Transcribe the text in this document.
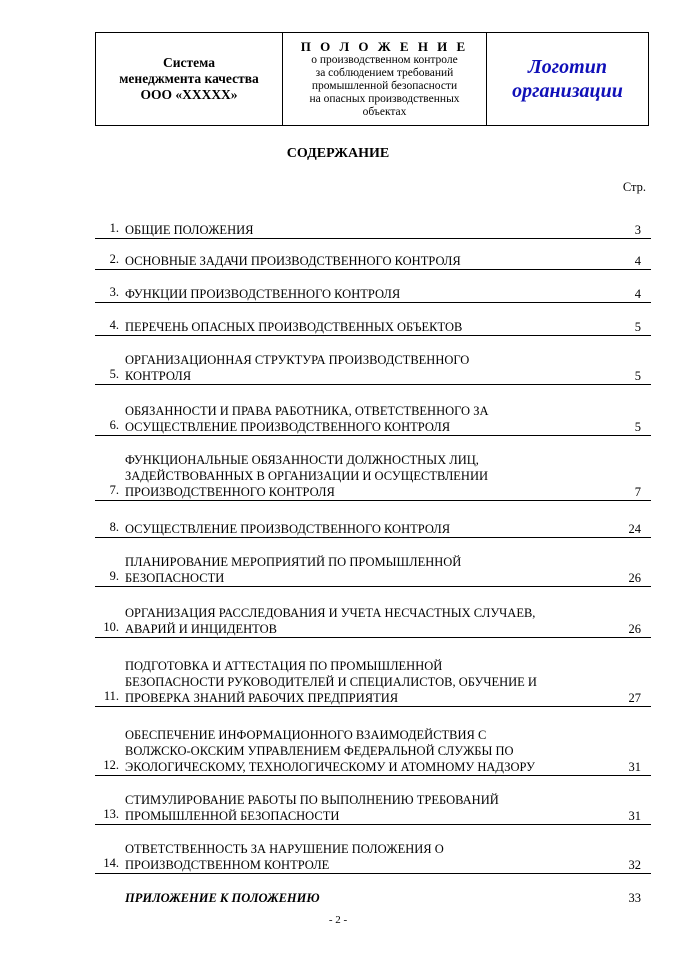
Система
менеджмента качества
ООО «ХХХХХ»
П О Л О Ж Е Н И Е
о производственном контроле
за соблюдением требований
промышленной безопасности
на опасных производственных
объектах
Логотип
организации
СОДЕРЖАНИЕ
Стр.
1. ОБЩИЕ ПОЛОЖЕНИЯ	3
2. ОСНОВНЫЕ ЗАДАЧИ ПРОИЗВОДСТВЕННОГО КОНТРОЛЯ	4
3. ФУНКЦИИ ПРОИЗВОДСТВЕННОГО КОНТРОЛЯ	4
4. ПЕРЕЧЕНЬ ОПАСНЫХ ПРОИЗВОДСТВЕННЫХ ОБЪЕКТОВ	5
5.
ОРГАНИЗАЦИОННАЯ СТРУКТУРА ПРОИЗВОДСТВЕННОГО
КОНТРОЛЯ	5
6.
ОБЯЗАННОСТИ И ПРАВА РАБОТНИКА, ОТВЕТСТВЕННОГО ЗА
ОСУЩЕСТВЛЕНИЕ ПРОИЗВОДСТВЕННОГО КОНТРОЛЯ	5
7.
ФУНКЦИОНАЛЬНЫЕ ОБЯЗАННОСТИ ДОЛЖНОСТНЫХ ЛИЦ,
ЗАДЕЙСТВОВАННЫХ В ОРГАНИЗАЦИИ И ОСУЩЕСТВЛЕНИИ
ПРОИЗВОДСТВЕННОГО КОНТРОЛЯ	7
8. ОСУЩЕСТВЛЕНИЕ ПРОИЗВОДСТВЕННОГО КОНТРОЛЯ	24
9.
ПЛАНИРОВАНИЕ МЕРОПРИЯТИЙ ПО ПРОМЫШЛЕННОЙ
БЕЗОПАСНОСТИ	26
10.
ОРГАНИЗАЦИЯ РАССЛЕДОВАНИЯ И УЧЕТА НЕСЧАСТНЫХ СЛУЧАЕВ,
АВАРИЙ И ИНЦИДЕНТОВ	26
11.
ПОДГОТОВКА И АТТЕСТАЦИЯ ПО ПРОМЫШЛЕННОЙ
БЕЗОПАСНОСТИ РУКОВОДИТЕЛЕЙ И СПЕЦИАЛИСТОВ, ОБУЧЕНИЕ И
ПРОВЕРКА ЗНАНИЙ РАБОЧИХ ПРЕДПРИЯТИЯ	27
12.
ОБЕСПЕЧЕНИЕ ИНФОРМАЦИОННОГО ВЗАИМОДЕЙСТВИЯ С
ВОЛЖСКО-ОКСКИМ УПРАВЛЕНИЕМ ФЕДЕРАЛЬНОЙ СЛУЖБЫ ПО
ЭКОЛОГИЧЕСКОМУ, ТЕХНОЛОГИЧЕСКОМУ И АТОМНОМУ НАДЗОРУ	31
13.
СТИМУЛИРОВАНИЕ РАБОТЫ ПО ВЫПОЛНЕНИЮ ТРЕБОВАНИЙ
ПРОМЫШЛЕННОЙ БЕЗОПАСНОСТИ	31
14.
ОТВЕТСТВЕННОСТЬ ЗА НАРУШЕНИЕ ПОЛОЖЕНИЯ О
ПРОИЗВОДСТВЕННОМ КОНТРОЛЕ	32
ПРИЛОЖЕНИЕ К ПОЛОЖЕНИЮ	33
- 2 -
